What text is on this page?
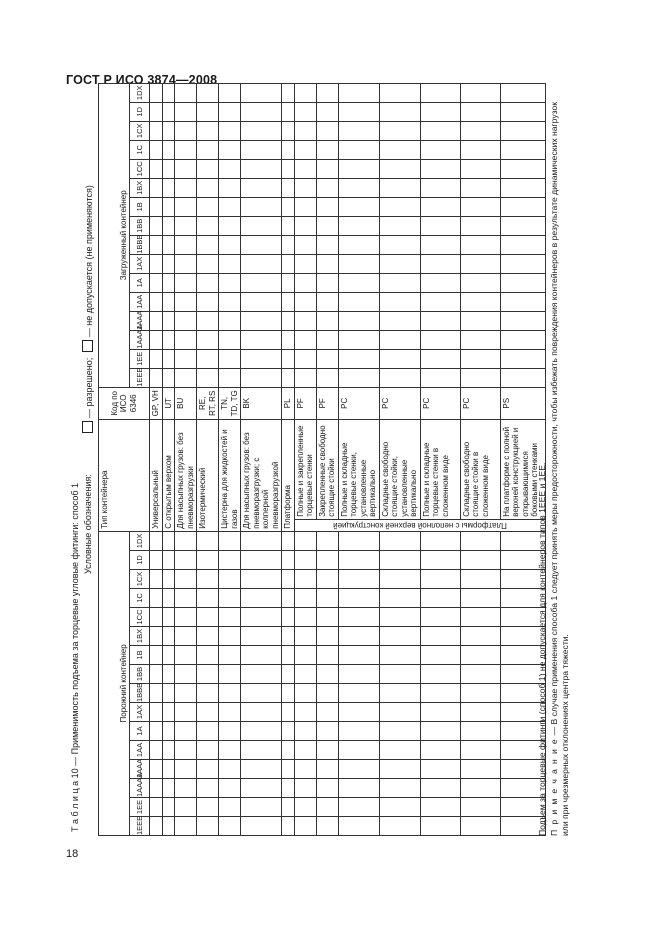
ГОСТ Р ИСО 3874—2008
Т а б л и ц а 10 — Применимость подъема за торцевые угловые фитинги: способ 1 Условные обозначения:
— разрешено; — не допускается (не применяются)
Порожний контейнер																Тип контейнера		Код по ИСО 6346	Загруженный контейнер															
1EEE	1EE	1AAAA	1AAA	1AA	1A	1AX	1BBB	1BB	1B	1BX	1CC	1C	1CX	1D	1DX				1EEE	1EE	1AAAA	1AAA	1AA	1A	1AX	1BBB	1BB	1B	1BX	1CC	1C	1CX	1D	1DX
																Универсальный		GP, VH																
																С открытым верхом		UT																
																Для насыпных грузов: без пневморазгрузки		BU																
																Изотермический		RE, RT, RS																
																Цистерна для жидкостей и газов		TN, TD, TG																
																Для насыпных грузов: без пневморазгрузки; с колперной пневморазгрузкой		BK																
																Платформа		PL																

																Платформы с неполной верхней конструкцией	Полные и закрепленные торцевые стенки	PF																
																	Закрепленные свободно стоящие стойки	PF																
																	Полные и складные торцевые стенки, установленные вертикально	PC																
																	Складные свободно стоящие стойки, установленные вертикально	PC																
																	Полные и складные торцевые стенки в сложенном виде	PC																
																	Складные свободно стоящие стойки в сложенном виде	PC																
																	На платформе с полной верхней конструкцией и открывающимися боковыми стенками	PS																

Подъем за торцевые фитинги (способ 1) не допускается для контейнеров типов 1EEE и 1EE. П р и м е ч а н и е — В случае применения способа 1 следует принять меры предосторожности, чтобы избежать повреждения контейнеров в результате динамических нагрузок или при чрезмерных отклонениях центра тяжести.

18
